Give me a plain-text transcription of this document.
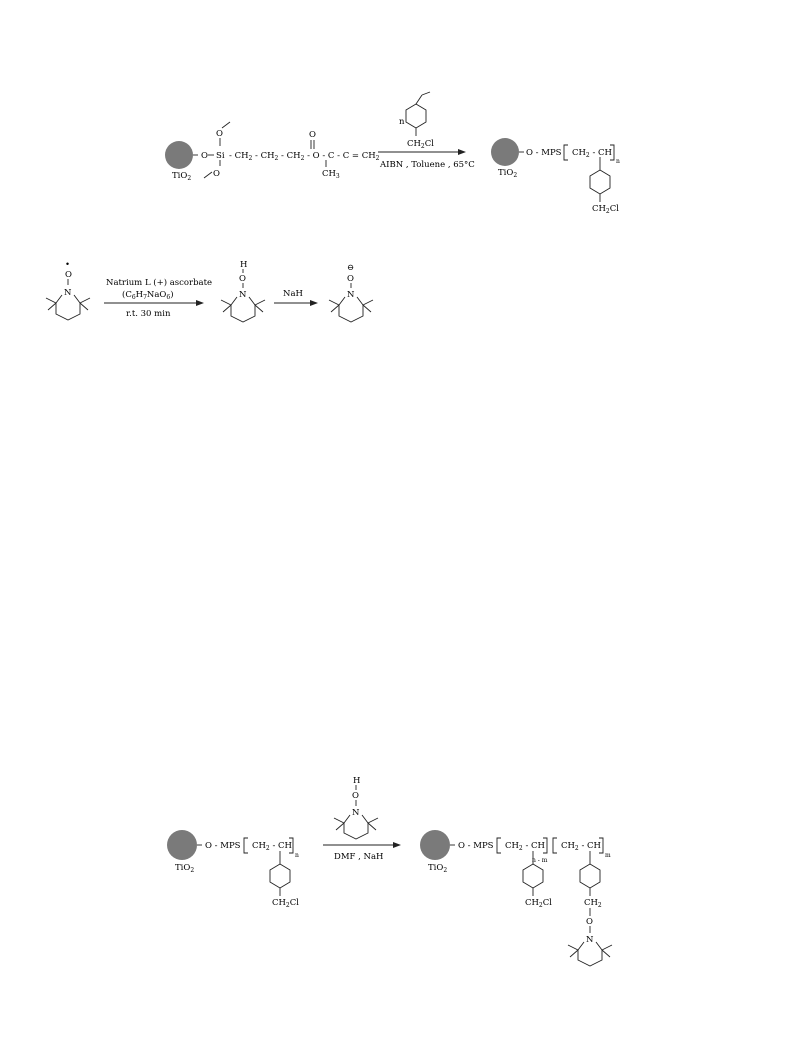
TiO$_2$
O Si
O
O
- $CH_2 - CH_2 - CH_2 - O - C - C = CH_2$
O
$CH_3$
n
$CH_2Cl$
AIBN , Toluene , 65°C
TiO$_2$
O - MPS $CH_2$ - CH
n
$CH_2Cl$
•
O
N
Natrium L (+) ascorbate
$(C_6H_7NaO_6)$
r.t. 30 min
H
O
N	NaH
⊖
O
N
TiO$_2$
O - MPS $CH_2$ - CH
n
$CH_2Cl$
H
O
N
DMF , NaH
TiO$_2$
O - MPS $CH_2$ - CH
n - m
$CH_2Cl$
$CH_2$ - CH
m
$CH_2$
O
N
